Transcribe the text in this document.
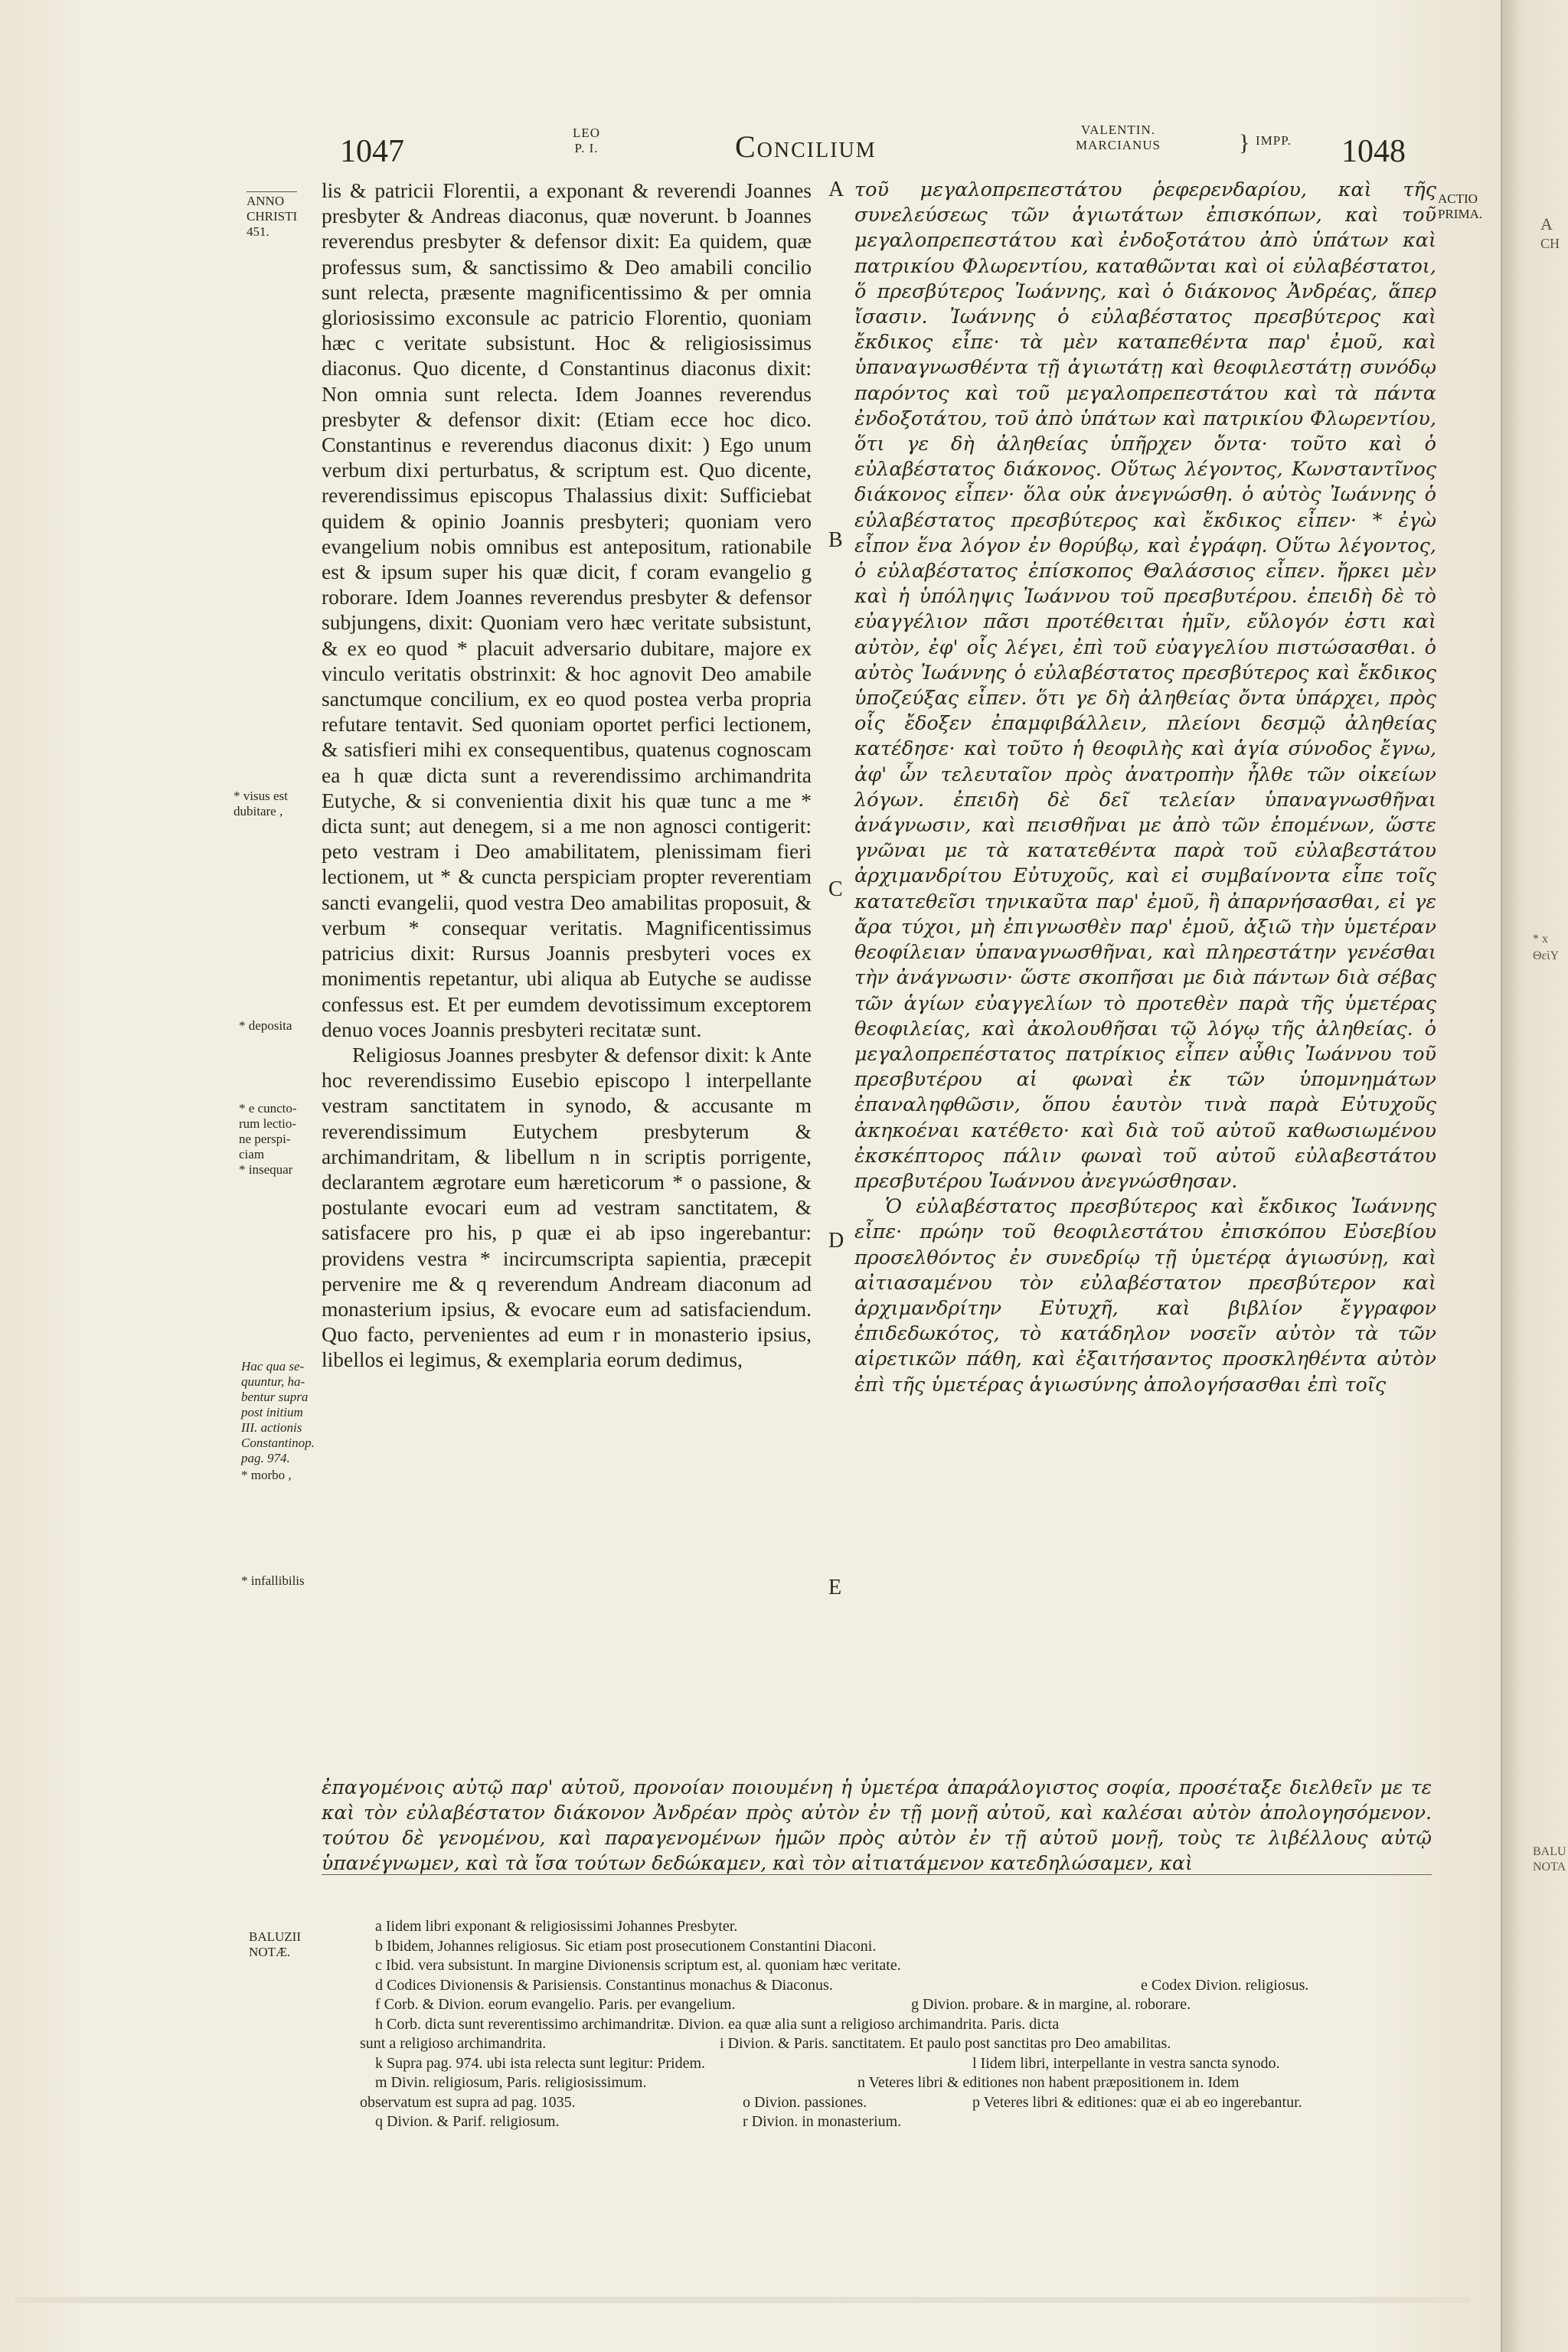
1047
LEO
P. I.	Concilium	VALENTIN.
MARCIANUS	} IMPP. 1048
ANNO
CHRISTI
451.
* visus est
dubitare ,
* deposita
* e cuncto-
rum lectio-
ne perspi-
ciam
* insequar
Hac qua se-
quuntur, ha-
bentur supra
post initium
III. actionis
Constantinop.
pag. 974.
* morbo ,
* infallibilis
ACTIO
PRIMA.
A
B
C
D
E

lis & patricii Florentii, a exponant & reverendi Joannes presbyter & Andreas diaconus, quæ noverunt. b Joannes reverendus presbyter & defensor dixit: Ea quidem, quæ professus sum, & sanctissimo & Deo amabili concilio sunt relecta, præsente magnificentissimo & per omnia gloriosissimo exconsule ac patricio Florentio, quoniam hæc c veritate subsistunt. Hoc & religiosissimus diaconus. Quo dicente, d Constantinus diaconus dixit: Non omnia sunt relecta. Idem Joannes reverendus presbyter & defensor dixit: (Etiam ecce hoc dico. Constantinus e reverendus diaconus dixit: ) Ego unum verbum dixi perturbatus, & scriptum est. Quo dicente, reverendissimus episcopus Thalassius dixit: Sufficiebat quidem & opinio Joannis presbyteri; quoniam vero evangelium nobis omnibus est antepositum, rationabile est & ipsum super his quæ dicit, f coram evangelio g roborare. Idem Joannes reverendus presbyter & defensor subjungens, dixit: Quoniam vero hæc veritate subsistunt, & ex eo quod * placuit adversario dubitare, majore ex vinculo veritatis obstrinxit: & hoc agnovit Deo amabile sanctumque concilium, ex eo quod postea verba propria refutare tentavit. Sed quoniam oportet perfici lectionem, & satisfieri mihi ex consequentibus, quatenus cognoscam ea h quæ dicta sunt a reverendissimo archimandrita Eutyche, & si convenientia dixit his quæ tunc a me * dicta sunt; aut denegem, si a me non agnosci contigerit: peto vestram i Deo amabilitatem, plenissimam fieri lectionem, ut * & cuncta perspiciam propter reverentiam sancti evangelii, quod vestra Deo amabilitas proposuit, & verbum * consequar veritatis. Magnificentissimus patricius dixit: Rursus Joannis presbyteri voces ex monimentis repetantur, ubi aliqua ab Eutyche se audisse confessus est. Et per eumdem devotissimum exceptorem denuo voces Joannis presbyteri recitatæ sunt.

Religiosus Joannes presbyter & defensor dixit: k Ante hoc reverendissimo Eusebio episcopo l interpellante vestram sanctitatem in synodo, & accusante m reverendissimum Eutychem presbyterum & archimandritam, & libellum n in scriptis porrigente, declarantem ægrotare eum hæreticorum * o passione, & postulante evocari eum ad vestram sanctitatem, & satisfacere pro his, p quæ ei ab ipso ingerebantur: providens vestra * incircumscripta sapientia, præcepit pervenire me & q reverendum Andream diaconum ad monasterium ipsius, & evocare eum ad satisfaciendum. Quo facto, pervenientes ad eum r in monasterio ipsius, libellos ei legimus, & exemplaria eorum dedimus,

τοῦ μεγαλοπρεπεστάτου ῥεφερενδαρίου, καὶ τῆς συνελεύσεως τῶν ἁγιωτάτων ἐπισκόπων, καὶ τοῦ μεγαλοπρεπεστάτου καὶ ἐνδοξοτάτου ἀπὸ ὑπάτων καὶ πατρικίου Φλωρεντίου, καταθῶνται καὶ οἱ εὐλαβέστατοι, ὅ πρεσβύτερος Ἰωάννης, καὶ ὁ διάκονος Ἀνδρέας, ἅπερ ἴσασιν. Ἰωάννης ὁ εὐλαβέστατος πρεσβύτερος καὶ ἔκδικος εἶπε· τὰ μὲν καταπεθέντα παρ' ἐμοῦ, καὶ ὑπαναγνωσθέντα τῇ ἁγιωτάτῃ καὶ θεοφιλεστάτῃ συνόδῳ παρόντος καὶ τοῦ μεγαλοπρεπεστάτου καὶ τὰ πάντα ἐνδοξοτάτου, τοῦ ἀπὸ ὑπάτων καὶ πατρικίου Φλωρεντίου, ὅτι γε δὴ ἀληθείας ὑπῆρχεν ὄντα· τοῦτο καὶ ὁ εὐλαβέστατος διάκονος. Οὕτως λέγοντος, Κωνσταντῖνος διάκονος εἶπεν· ὅλα οὐκ ἀνεγνώσθη. ὁ αὐτὸς Ἰωάννης ὁ εὐλαβέστατος πρεσβύτερος καὶ ἔκδικος εἶπεν· * ἐγὼ εἶπον ἕνα λόγον ἐν θορύβῳ, καὶ ἐγράφη. Οὕτω λέγοντος, ὁ εὐλαβέστατος ἐπίσκοπος Θαλάσσιος εἶπεν. ἤρκει μὲν καὶ ἡ ὑπόληψις Ἰωάννου τοῦ πρεσβυτέρου. ἐπειδὴ δὲ τὸ εὐαγγέλιον πᾶσι προτέθειται ἡμῖν, εὔλογόν ἐστι καὶ αὐτὸν, ἐφ' οἷς λέγει, ἐπὶ τοῦ εὐαγγελίου πιστώσασθαι. ὁ αὐτὸς Ἰωάννης ὁ εὐλαβέστατος πρεσβύτερος καὶ ἔκδικος ὑποζεύξας εἶπεν. ὅτι γε δὴ ἀληθείας ὄντα ὑπάρχει, πρὸς οἷς ἔδοξεν ἐπαμφιβάλλειν, πλείονι δεσμῷ ἀληθείας κατέδησε· καὶ τοῦτο ἡ θεοφιλὴς καὶ ἁγία σύνοδος ἔγνω, ἀφ' ὧν τελευταῖον πρὸς ἀνατροπὴν ἦλθε τῶν οἰκείων λόγων. ἐπειδὴ δὲ δεῖ τελείαν ὑπαναγνωσθῆναι ἀνάγνωσιν, καὶ πεισθῆναι με ἀπὸ τῶν ἑπομένων, ὥστε γνῶναι με τὰ κατατεθέντα παρὰ τοῦ εὐλαβεστάτου ἀρχιμανδρίτου Εὐτυχοῦς, καὶ εἰ συμβαίνοντα εἶπε τοῖς κατατεθεῖσι τηνικαῦτα παρ' ἐμοῦ, ἢ ἀπαρνήσασθαι, εἰ γε ἄρα τύχοι, μὴ ἐπιγνωσθὲν παρ' ἐμοῦ, ἀξιῶ τὴν ὑμετέραν θεοφίλειαν ὑπαναγνωσθῆναι, καὶ πληρεστάτην γενέσθαι τὴν ἀνάγνωσιν· ὥστε σκοπῆσαι με διὰ πάντων διὰ σέβας τῶν ἁγίων εὐαγγελίων τὸ προτεθὲν παρὰ τῆς ὑμετέρας θεοφιλείας, καὶ ἀκολουθῆσαι τῷ λόγῳ τῆς ἀληθείας. ὁ μεγαλοπρεπέστατος πατρίκιος εἶπεν αὖθις Ἰωάννου τοῦ πρεσβυτέρου αἱ φωναὶ ἐκ τῶν ὑπομνημάτων ἐπαναληφθῶσιν, ὅπου ἑαυτὸν τινὰ παρὰ Εὐτυχοῦς ἀκηκοέναι κατέθετο· καὶ διὰ τοῦ αὐτοῦ καθωσιωμένου ἐκσκέπτορος πάλιν φωναὶ τοῦ αὐτοῦ εὐλαβεστάτου πρεσβυτέρου Ἰωάννου ἀνεγνώσθησαν.

Ὁ εὐλαβέστατος πρεσβύτερος καὶ ἔκδικος Ἰωάννης εἶπε· πρώην τοῦ θεοφιλεστάτου ἐπισκόπου Εὐσεβίου προσελθόντος ἐν συνεδρίῳ τῇ ὑμετέρᾳ ἁγιωσύνῃ, καὶ αἰτιασαμένου τὸν εὐλαβέστατον πρεσβύτερον καὶ ἀρχιμανδρίτην Εὐτυχῆ, καὶ βιβλίον ἔγγραφον ἐπιδεδωκότος, τὸ κατάδηλον νοσεῖν αὐτὸν τὰ τῶν αἱρετικῶν πάθη, καὶ ἐξαιτήσαντος προσκληθέντα αὐτὸν ἐπὶ τῆς ὑμετέρας ἁγιωσύνης ἀπολογήσασθαι ἐπὶ τοῖς

ἐπαγομένοις αὐτῷ παρ' αὐτοῦ, προνοίαν ποιουμένη ἡ ὑμετέρα ἀπαράλογιστος σοφία, προσέταξε διελθεῖν με τε καὶ τὸν εὐλαβέστατον διάκονον Ἀνδρέαν πρὸς αὐτὸν ἐν τῇ μονῇ αὐτοῦ, καὶ καλέσαι αὐτὸν ἀπολογησόμενον. τούτου δὲ γενομένου, καὶ παραγενομένων ἡμῶν πρὸς αὐτὸν ἐν τῇ αὐτοῦ μονῇ, τοὺς τε λιβέλλους αὐτῷ ὑπανέγνωμεν, καὶ τὰ ἴσα τούτων δεδώκαμεν, καὶ τὸν αἰτιατάμενον κατεδηλώσαμεν, καὶ
BALUZII
NOTÆ.
a Iidem libri exponant & religiosissimi Johannes Presbyter.
b Ibidem, Johannes religiosus. Sic etiam post prosecutionem Constantini Diaconi.
c Ibid. vera subsistunt. In margine Divionensis scriptum est, al. quoniam hæc veritate.
d Codices Divionensis & Parisiensis. Constantinus monachus & Diaconus.	e Codex Divion. religiosus.
f Corb. & Divion. eorum evangelio. Paris. per evangelium.	g Divion. probare. & in margine, al. roborare.
h Corb. dicta sunt reverentissimo archimandritæ. Divion. ea quæ alia sunt a religioso archimandrita. Paris. dicta
sunt a religioso archimandrita.	i Divion. & Paris. sanctitatem. Et paulo post sanctitas pro Deo amabilitas.
k Supra pag. 974. ubi ista relecta sunt legitur: Pridem.	l Iidem libri, interpellante in vestra sancta synodo.
m Divin. religiosum, Paris. religiosissimum.	n Veteres libri & editiones non habent præpositionem in. Idem
observatum est supra ad pag. 1035.	o Divion. passiones.	p Veteres libri & editiones: quæ ei ab eo ingerebantur.
q Divion. & Parif. religiosum.	r Divion. in monasterium.
A
CH
* x
ΘεὶΥ
BALU
NOTA
